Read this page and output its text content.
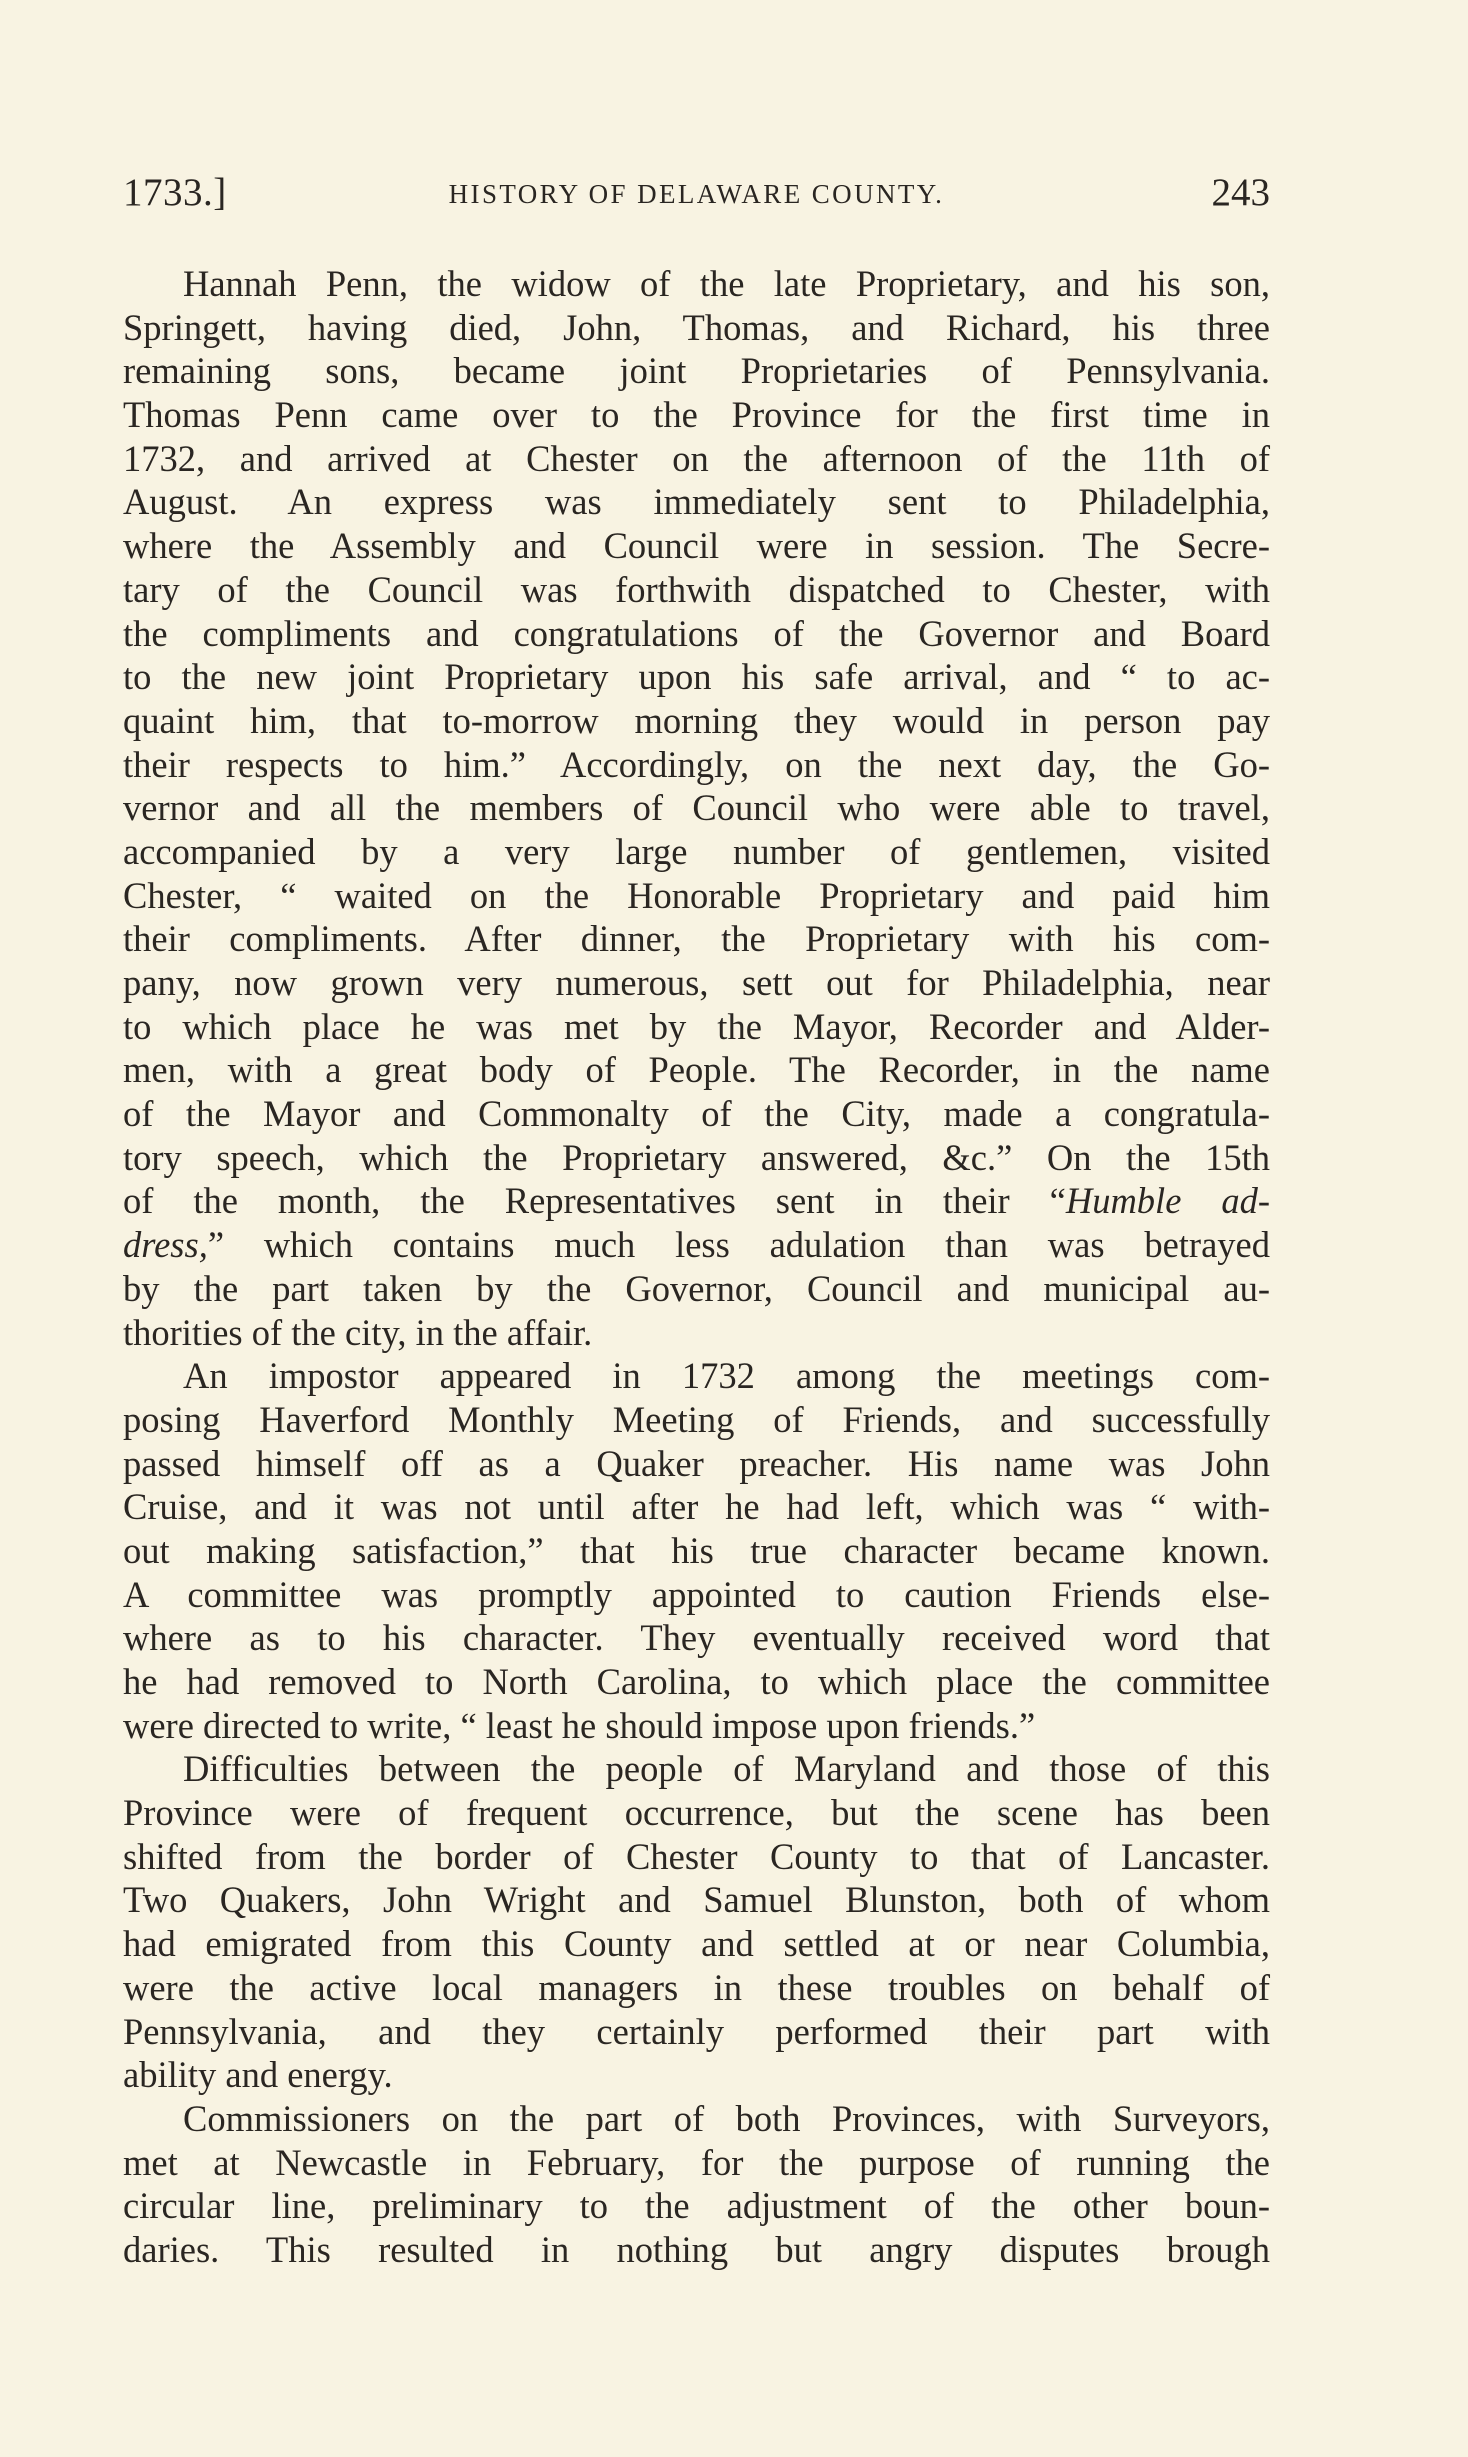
1733.]	HISTORY OF DELAWARE COUNTY.	243
Hannah Penn, the widow of the late Proprietary, and his son,
Springett, having died, John, Thomas, and Richard, his three
remaining sons, became joint Proprietaries of Pennsylvania.
Thomas Penn came over to the Province for the first time in
1732, and arrived at Chester on the afternoon of the 11th of
August. An express was immediately sent to Philadelphia,
where the Assembly and Council were in session. The Secre-
tary of the Council was forthwith dispatched to Chester, with
the compliments and congratulations of the Governor and Board
to the new joint Proprietary upon his safe arrival, and “ to ac-
quaint him, that to-morrow morning they would in person pay
their respects to him.” Accordingly, on the next day, the Go-
vernor and all the members of Council who were able to travel,
accompanied by a very large number of gentlemen, visited
Chester, “ waited on the Honorable Proprietary and paid him
their compliments. After dinner, the Proprietary with his com-
pany, now grown very numerous, sett out for Philadelphia, near
to which place he was met by the Mayor, Recorder and Alder-
men, with a great body of People. The Recorder, in the name
of the Mayor and Commonalty of the City, made a congratula-
tory speech, which the Proprietary answered, &c.” On the 15th
of the month, the Representatives sent in their “Humble ad-
dress,” which contains much less adulation than was betrayed
by the part taken by the Governor, Council and municipal au-
thorities of the city, in the affair.
An impostor appeared in 1732 among the meetings com-
posing Haverford Monthly Meeting of Friends, and successfully
passed himself off as a Quaker preacher. His name was John
Cruise, and it was not until after he had left, which was “ with-
out making satisfaction,” that his true character became known.
A committee was promptly appointed to caution Friends else-
where as to his character. They eventually received word that
he had removed to North Carolina, to which place the committee
were directed to write, “ least he should impose upon friends.”
Difficulties between the people of Maryland and those of this
Province were of frequent occurrence, but the scene has been
shifted from the border of Chester County to that of Lancaster.
Two Quakers, John Wright and Samuel Blunston, both of whom
had emigrated from this County and settled at or near Columbia,
were the active local managers in these troubles on behalf of
Pennsylvania, and they certainly performed their part with
ability and energy.
Commissioners on the part of both Provinces, with Surveyors,
met at Newcastle in February, for the purpose of running the
circular line, preliminary to the adjustment of the other boun-
daries. This resulted in nothing but angry disputes brough
